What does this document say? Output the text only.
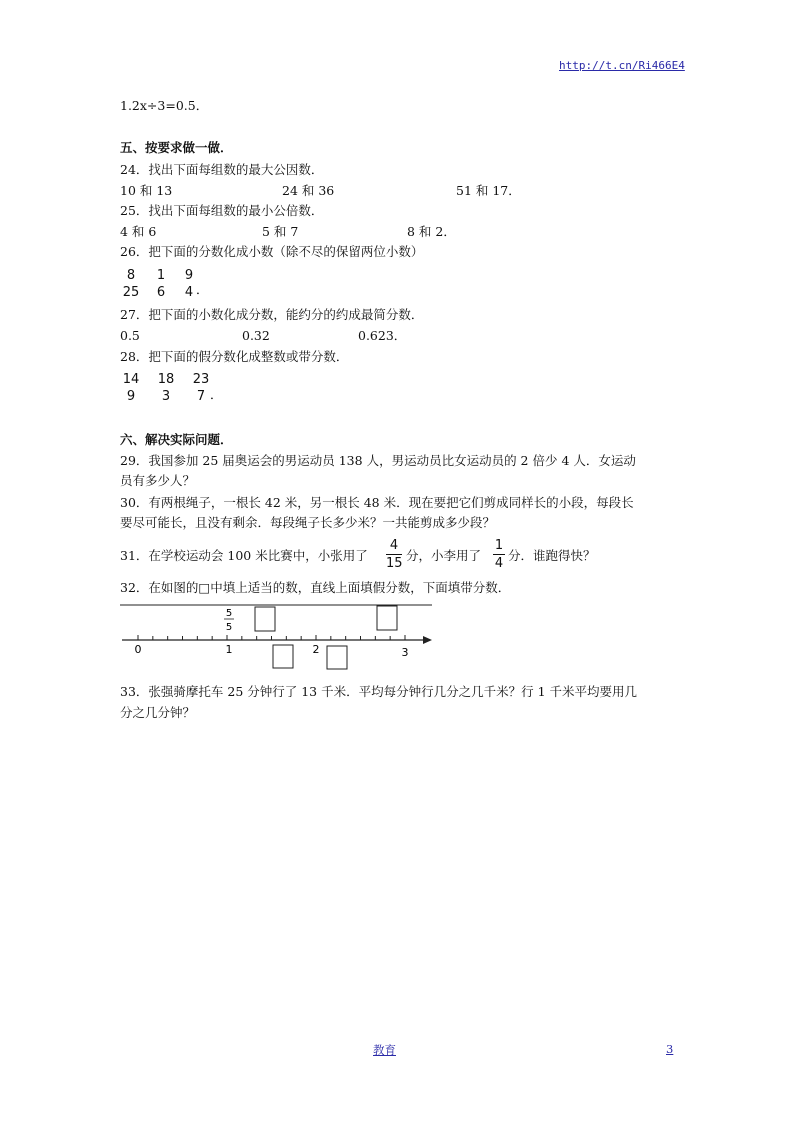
http://t.cn/Ri466E4
1.2x÷3=0.5．
五、按要求做一做．
24．找出下面每组数的最大公因数．
10 和 13	24 和 36	51 和 17．
25．找出下面每组数的最小公倍数．
4 和 6	5 和 7	8 和 2．
26．把下面的分数化成小数（除不尽的保留两位小数）
8
25
1
6
9
4 ．
27．把下面的小数化成分数，能约分的约成最简分数．
0.5	0.32	0.623．
28．把下面的假分数化成整数或带分数．
14
9
18
3
23
7 ．
六、解决实际问题．
29．我国参加 25 届奥运会的男运动员 138 人，男运动员比女运动员的 2 倍少 4 人．女运动
员有多少人？
30．有两根绳子，一根长 42 米，另一根长 48 米．现在要把它们剪成同样长的小段，每段长
要尽可能长，且没有剩余．每段绳子长多少米？一共能剪成多少段？
31．在学校运动会 100 米比赛中，小张用了
4
15
分，小李用了
1
4
分．谁跑得快？
32．在如图的□中填上适当的数，直线上面填假分数，下面填带分数．
0	1	2	3
5
5
33．张强骑摩托车 25 分钟行了 13 千米．平均每分钟行几分之几千米？行 1 千米平均要用几
分之几分钟？
教育	3
